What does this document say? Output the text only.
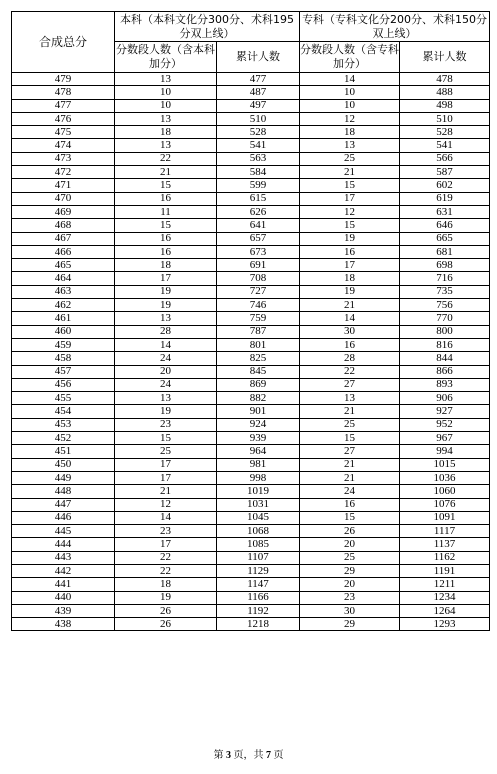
合成总分	本科（本科文化分300分、术科195分双上线）		专科（专科文化分200分、术科150分双上线）	
	分数段人数（含本科加分）	累计人数	分数段人数（含专科加分）	累计人数
479	13	477	14	478
478	10	487	10	488
477	10	497	10	498
476	13	510	12	510
475	18	528	18	528
474	13	541	13	541
473	22	563	25	566
472	21	584	21	587
471	15	599	15	602
470	16	615	17	619
469	11	626	12	631
468	15	641	15	646
467	16	657	19	665
466	16	673	16	681
465	18	691	17	698
464	17	708	18	716
463	19	727	19	735
462	19	746	21	756
461	13	759	14	770
460	28	787	30	800
459	14	801	16	816
458	24	825	28	844
457	20	845	22	866
456	24	869	27	893
455	13	882	13	906
454	19	901	21	927
453	23	924	25	952
452	15	939	15	967
451	25	964	27	994
450	17	981	21	1015
449	17	998	21	1036
448	21	1019	24	1060
447	12	1031	16	1076
446	14	1045	15	1091
445	23	1068	26	1117
444	17	1085	20	1137
443	22	1107	25	1162
442	22	1129	29	1191
441	18	1147	20	1211
440	19	1166	23	1234
439	26	1192	30	1264
438	26	1218	29	1293
第 3 页，共 7 页
